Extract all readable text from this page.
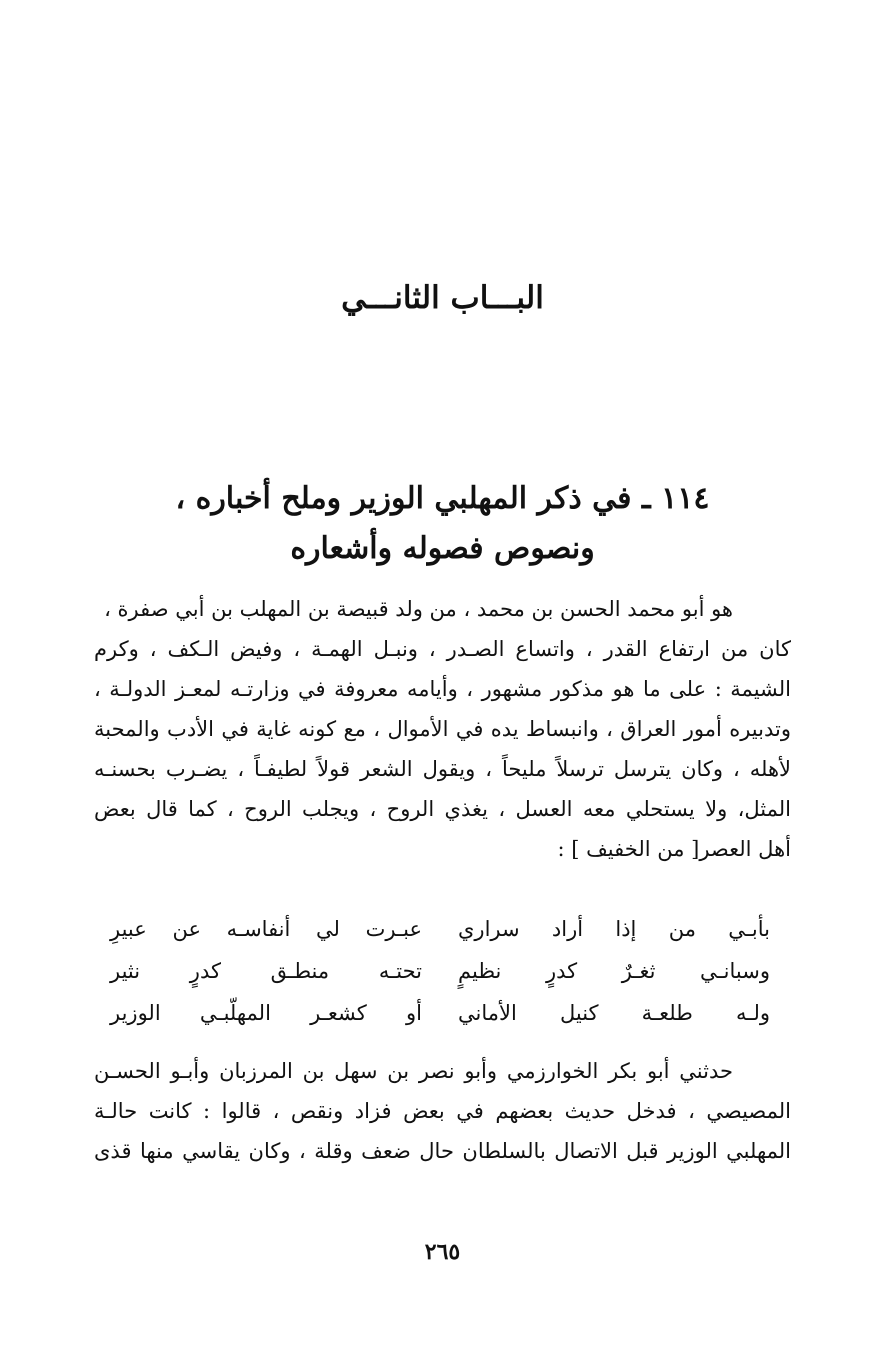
البـــاب الثانـــي
١١٤ ـ في ذكر المهلبي الوزير وملح أخباره ،
ونصوص فصوله وأشعاره
هو أبو محمد الحسن بن محمد ، من ولد قبيصة بن المهلب بن أبي صفرة ،
كان من ارتفاع القدر ، واتساع الصـدر ، ونبـل الهمـة ، وفيض الـكف ، وكرم
الشيمة : على ما هو مذكور مشهور ، وأيامه معروفة في وزارتـه لمعـز الدولـة ،
وتدبيره أمور العراق ، وانبساط يده في الأموال ، مع كونه غاية في الأدب والمحبة
لأهله ، وكان يترسل ترسلاً مليحاً ، ويقول الشعر قولاً لطيفـاً ، يضـرب بحسنـه
المثل، ولا يستحلي معه العسل ، يغذي الروح ، ويجلب الروح ، كما قال بعض
أهل العصر[ من الخفيف ] :
بأبـي من إذا أراد سراري
عبـرت لي أنفاسـه عن عبيرِ
وسبانـي ثغـرٌ كدرٍ نظيمٍ
تحتـه منطـق كدرٍ نثير
ولـه طلعـة كنيل الأماني
أو كشعـر المهلّبـي الوزير
حدثني أبو بكر الخوارزمي وأبو نصر بن سهل بن المرزبان وأبـو الحسـن
المصيصي ، فدخل حديث بعضهم في بعض فزاد ونقص ، قالوا : كانت حالـة
المهلبي الوزير قبل الاتصال بالسلطان حال ضعف وقلة ، وكان يقاسي منها قذى
٢٦٥
